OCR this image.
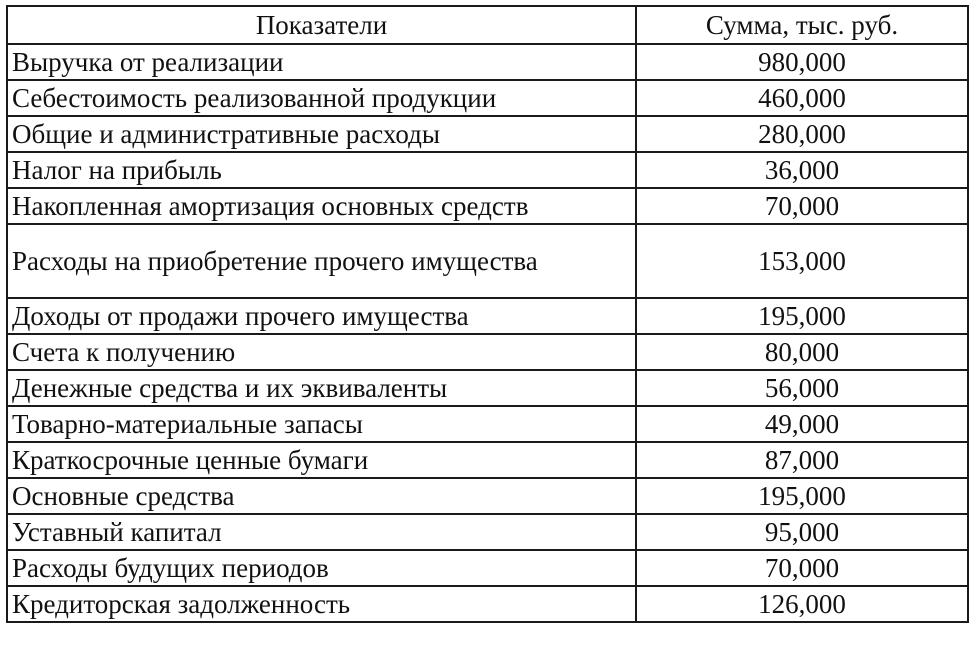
Показатели	Сумма, тыс. руб.
Выручка от реализации	980,000
Себестоимость реализованной продукции	460,000
Общие и административные расходы	280,000
Налог на прибыль	36,000
Накопленная амортизация основных средств	70,000
Расходы на приобретение прочего имущества	153,000
Доходы от продажи прочего имущества	195,000
Счета к получению	80,000
Денежные средства и их эквиваленты	56,000
Товарно-материальные запасы	49,000
Краткосрочные ценные бумаги	87,000
Основные средства	195,000
Уставный капитал	95,000
Расходы будущих периодов	70,000
Кредиторская задолженность	126,000
